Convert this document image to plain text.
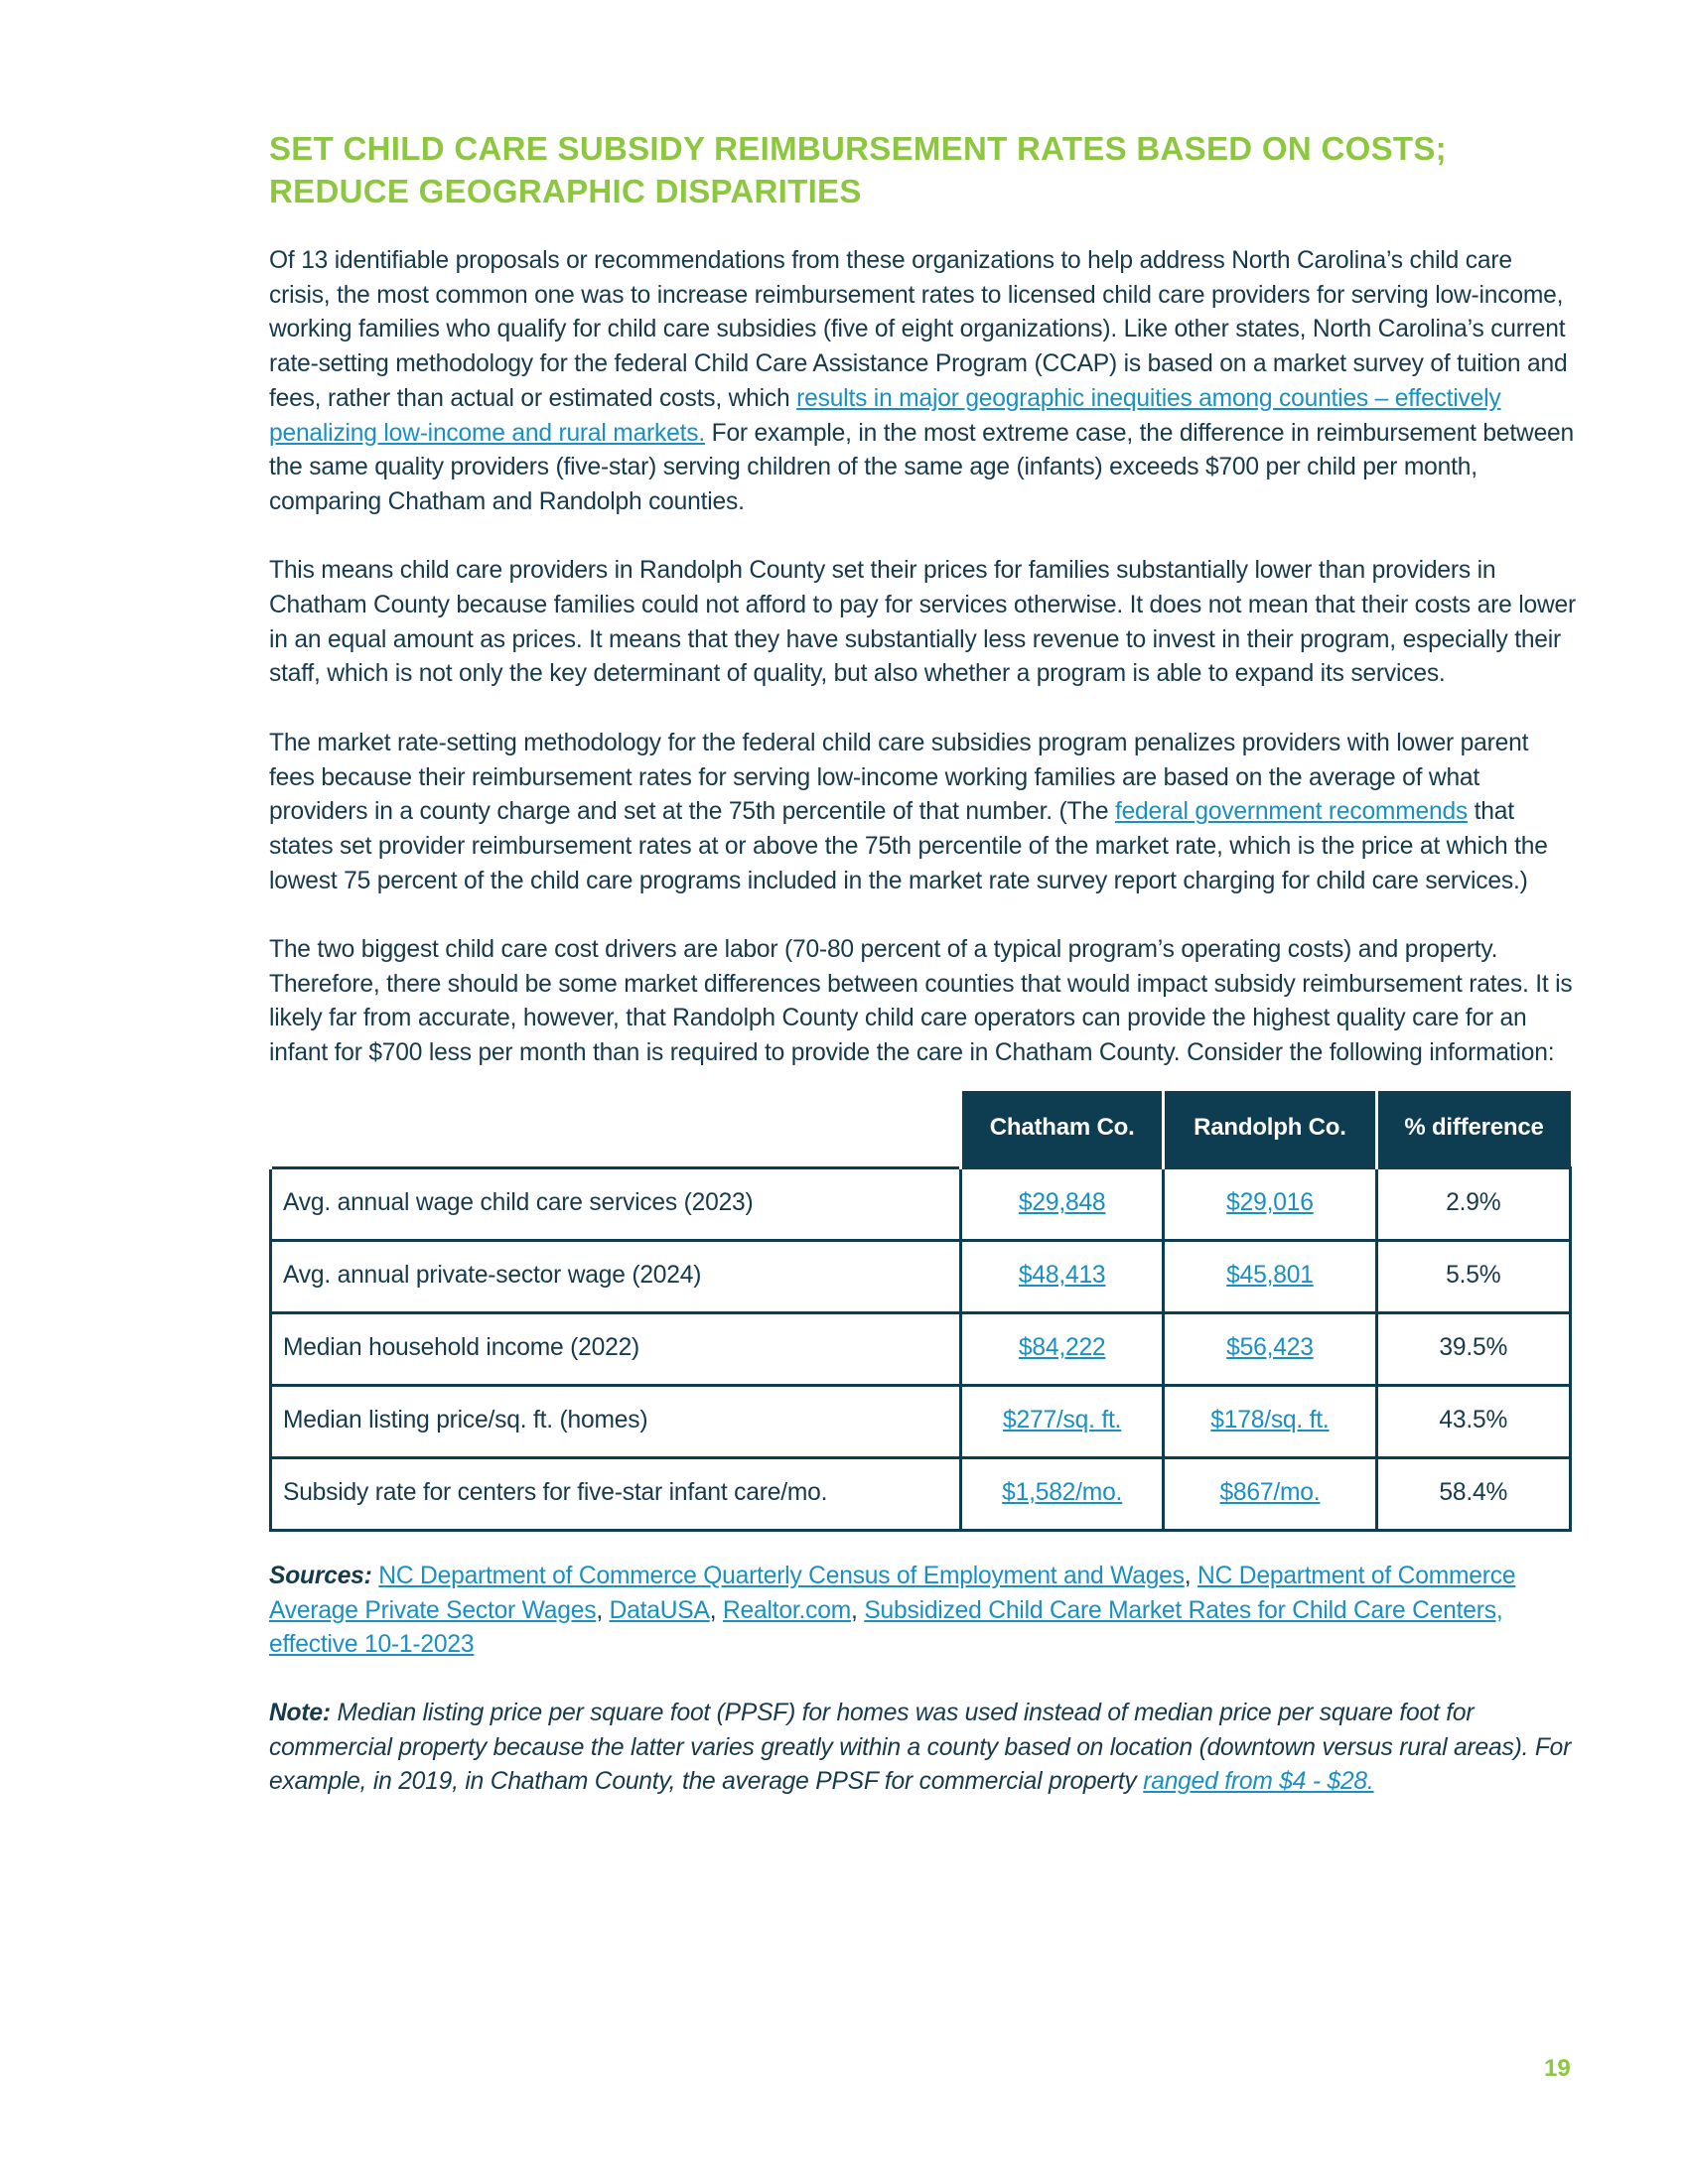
SET CHILD CARE SUBSIDY REIMBURSEMENT RATES BASED ON COSTS;
REDUCE GEOGRAPHIC DISPARITIES

Of 13 identifiable proposals or recommendations from these organizations to help address North Carolina’s child care crisis, the most common one was to increase reimbursement rates to licensed child care providers for serving low-income, working families who qualify for child care subsidies (five of eight organizations). Like other states, North Carolina’s current rate-setting methodology for the federal Child Care Assistance Program (CCAP) is based on a market survey of tuition and fees, rather than actual or estimated costs, which results in major geographic inequities among counties – effectively penalizing low-income and rural markets. For example, in the most extreme case, the difference in reimbursement between the same quality providers (five-star) serving children of the same age (infants) exceeds $700 per child per month, comparing Chatham and Randolph counties.

This means child care providers in Randolph County set their prices for families substantially lower than providers in Chatham County because families could not afford to pay for services otherwise. It does not mean that their costs are lower in an equal amount as prices. It means that they have substantially less revenue to invest in their program, especially their staff, which is not only the key determinant of quality, but also whether a program is able to expand its services.

The market rate-setting methodology for the federal child care subsidies program penalizes providers with lower parent fees because their reimbursement rates for serving low-income working families are based on the average of what providers in a county charge and set at the 75th percentile of that number. (The federal government recommends that states set provider reimbursement rates at or above the 75th percentile of the market rate, which is the price at which the lowest 75 percent of the child care programs included in the market rate survey report charging for child care services.)

The two biggest child care cost drivers are labor (70-80 percent of a typical program’s operating costs) and property. Therefore, there should be some market differences between counties that would impact subsidy reimbursement rates. It is likely far from accurate, however, that Randolph County child care operators can provide the highest quality care for an infant for $700 less per month than is required to provide the care in Chatham County. Consider the following information:

	Chatham Co.	Randolph Co.	% difference
Avg. annual wage child care services (2023)	$29,848	$29,016	2.9%
Avg. annual private-sector wage (2024)	$48,413	$45,801	5.5%
Median household income (2022)	$84,222	$56,423	39.5%
Median listing price/sq. ft. (homes)	$277/sq. ft.	$178/sq. ft.	43.5%
Subsidy rate for centers for five-star infant care/mo.	$1,582/mo.	$867/mo.	58.4%
Sources: NC Department of Commerce Quarterly Census of Employment and Wages, NC Department of Commerce Average Private Sector Wages, DataUSA, Realtor.com, Subsidized Child Care Market Rates for Child Care Centers, effective 10-1-2023

Note: Median listing price per square foot (PPSF) for homes was used instead of median price per square foot for commercial property because the latter varies greatly within a county based on location (downtown versus rural areas). For example, in 2019, in Chatham County, the average PPSF for commercial property ranged from $4 - $28.

19
